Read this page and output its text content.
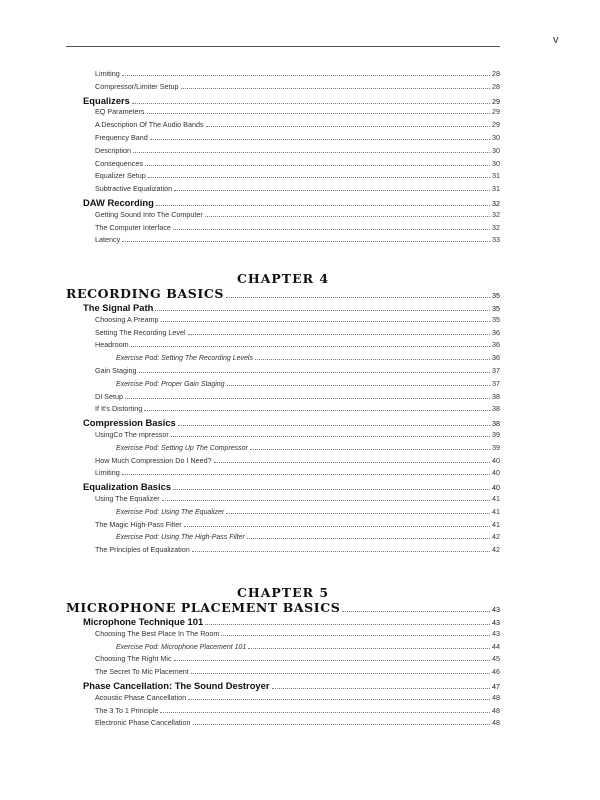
v
Limiting	28
Compressor/Limiter Setup	28
Equalizers	29
EQ Parameters	29
A Description Of The Audio Bands	29
Frequency Band	30
Description	30
Consequences	30
Equalizer Setup	31
Subtractive Equalization	31
DAW Recording	32
Getting Sound Into The Computer	32
The Computer Interface	32
Latency	33
CHAPTER 4
RECORDING BASICS	35
The Signal Path	35
Choosing A Preamp	35
Setting The Recording Level	36
Headroom	36
Exercise Pod: Setting The Recording Levels	36
Gain Staging	37
Exercise Pod: Proper Gain Staging	37
DI Setup	38
If It's Distorting	38
Compression Basics	38
UsingCo The mpressor	39
Exercise Pod: Setting Up The Compressor	39
How Much Compression Do I Need?	40
Limiting	40
Equalization Basics	40
Using The Equalizer	41
Exercise Pod: Using The Equalizer	41
The Magic High-Pass Filter	41
Exercise Pod: Using The High-Pass Filter	42
The Principles of Equalization	42
CHAPTER 5
MICROPHONE PLACEMENT BASICS	43
Microphone Technique 101	43
Choosing The Best Place In The Room	43
Exercise Pod: Microphone Placement 101	44
Choosing The Right Mic	45
The Secret To Mic Placement	46
Phase Cancellation: The Sound Destroyer	47
Acoustic Phase Cancellation	48
The 3 To 1 Principle	48
Electronic Phase Cancellation	48
